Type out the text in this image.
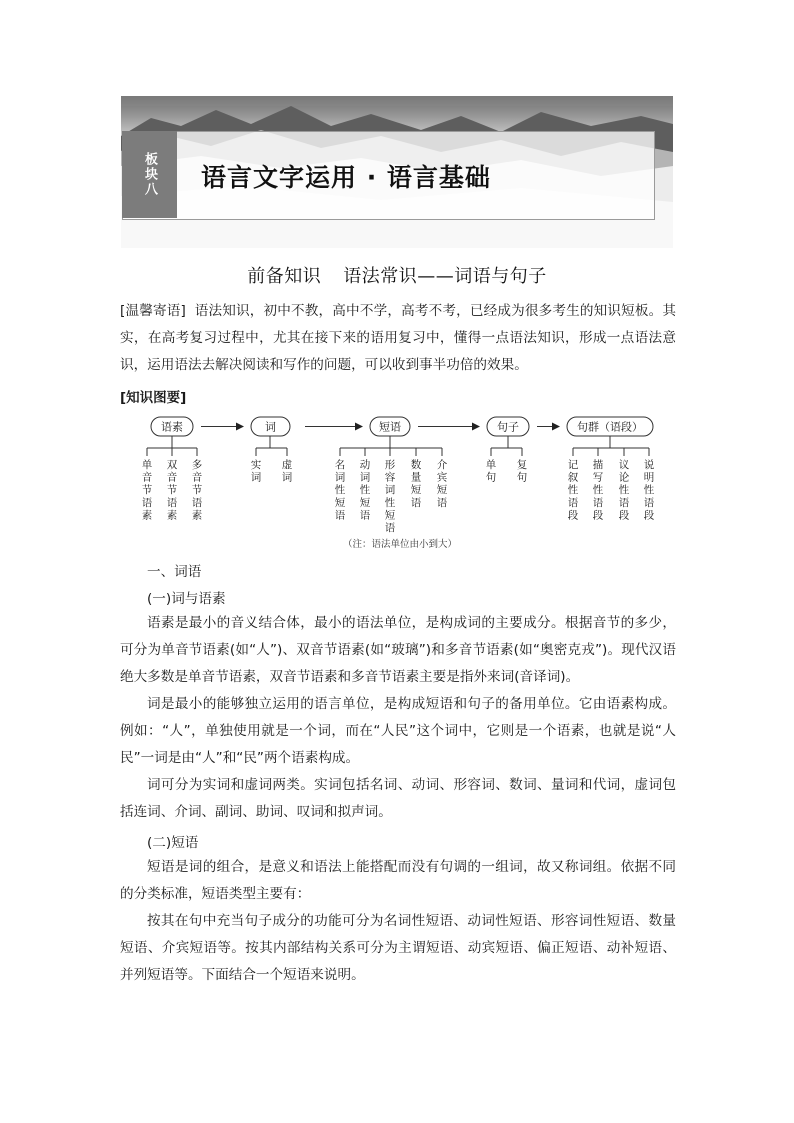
板块八 语言文字运用 · 语言基础
前备知识 语法常识——词语与句子

[温馨寄语] 语法知识，初中不教，高中不学，高考不考，已经成为很多考生的知识短板。其实，在高考复习过程中，尤其在接下来的语用复习中，懂得一点语法知识，形成一点语法意识，运用语法去解决阅读和写作的问题，可以收到事半功倍的效果。

[知识图要]
语素	词	短语	句子	句群（语段）
单
音
节
语
素
双
音
节
语
素
多
音
节
语
素
实
词
虚
词
名
词
性
短
语
动
词
性
短
语
形
容
词
性
短
语
数
量
短
语
介
宾
短
语
单
句
复
句
记
叙
性
语
段
描
写
性
语
段
议
论
性
语
段
说
明
性
语
段
（注：语法单位由小到大）
一、词语
(一)词与语素

语素是最小的音义结合体，最小的语法单位，是构成词的主要成分。根据音节的多少，可分为单音节语素(如“人”)、双音节语素(如“玻璃”)和多音节语素(如“奥密克戎”)。现代汉语绝大多数是单音节语素，双音节语素和多音节语素主要是指外来词(音译词)。

词是最小的能够独立运用的语言单位，是构成短语和句子的备用单位。它由语素构成。例如：“人”，单独使用就是一个词，而在“人民”这个词中，它则是一个语素，也就是说“人民”一词是由“人”和“民”两个语素构成。

词可分为实词和虚词两类。实词包括名词、动词、形容词、数词、量词和代词，虚词包括连词、介词、副词、助词、叹词和拟声词。

(二)短语

短语是词的组合，是意义和语法上能搭配而没有句调的一组词，故又称词组。依据不同的分类标准，短语类型主要有：

按其在句中充当句子成分的功能可分为名词性短语、动词性短语、形容词性短语、数量短语、介宾短语等。按其内部结构关系可分为主谓短语、动宾短语、偏正短语、动补短语、并列短语等。下面结合一个短语来说明。
